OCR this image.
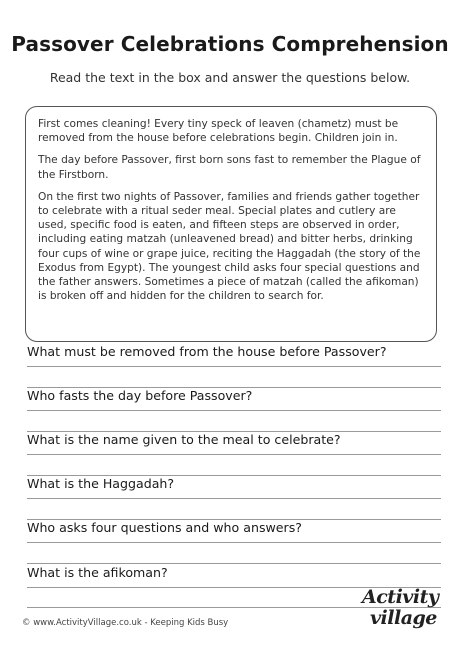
Passover Celebrations Comprehension
Read the text in the box and answer the questions below.

First comes cleaning! Every tiny speck of leaven (chametz) must be removed from the house before celebrations begin. Children join in.

The day before Passover, first born sons fast to remember the Plague of the Firstborn.

On the first two nights of Passover, families and friends gather together to celebrate with a ritual seder meal. Special plates and cutlery are used, specific food is eaten, and fifteen steps are observed in order, including eating matzah (unleavened bread) and bitter herbs, drinking four cups of wine or grape juice, reciting the Haggadah (the story of the Exodus from Egypt). The youngest child asks four special questions and the father answers. Sometimes a piece of matzah (called the afikoman) is broken off and hidden for the children to search for.

What must be removed from the house before Passover?
Who fasts the day before Passover?
What is the name given to the meal to celebrate?
What is the Haggadah?
Who asks four questions and who answers?
What is the afikoman?
© www.ActivityVillage.co.uk - Keeping Kids Busy
Activity
village
